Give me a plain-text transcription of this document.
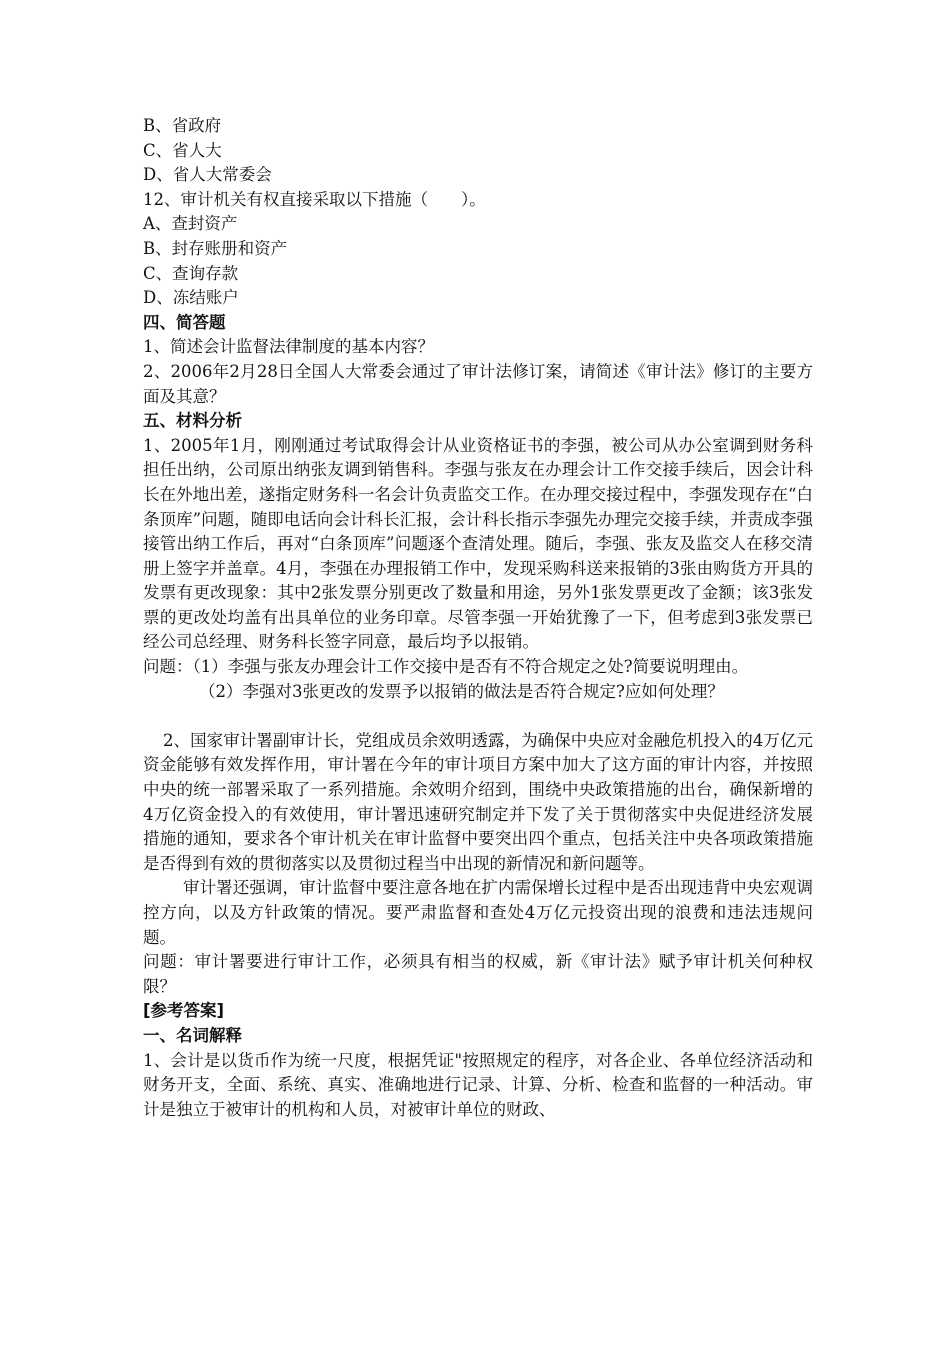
B、省政府

C、省人大

D、省人大常委会

12、审计机关有权直接采取以下措施（　　）。

A、查封资产

B、封存账册和资产

C、查询存款

D、冻结账户

四、简答题

1、简述会计监督法律制度的基本内容？

2、2006年2月28日全国人大常委会通过了审计法修订案，请简述《审计法》修订的主要方面及其意？

五、材料分析

1、2005年1月，刚刚通过考试取得会计从业资格证书的李强，被公司从办公室调到财务科担任出纳，公司原出纳张友调到销售科。李强与张友在办理会计工作交接手续后，因会计科长在外地出差，遂指定财务科一名会计负责监交工作。在办理交接过程中，李强发现存在“白条顶库”问题，随即电话向会计科长汇报，会计科长指示李强先办理完交接手续，并责成李强接管出纳工作后，再对“白条顶库”问题逐个查清处理。随后，李强、张友及监交人在移交清册上签字并盖章。4月，李强在办理报销工作中，发现采购科送来报销的3张由购货方开具的发票有更改现象：其中2张发票分别更改了数量和用途，另外1张发票更改了金额；该3张发票的更改处均盖有出具单位的业务印章。尽管李强一开始犹豫了一下，但考虑到3张发票已经公司总经理、财务科长签字同意，最后均予以报销。

问题：（1）李强与张友办理会计工作交接中是否有不符合规定之处?简要说明理由。

（2）李强对3张更改的发票予以报销的做法是否符合规定?应如何处理？

2、国家审计署副审计长，党组成员余效明透露，为确保中央应对金融危机投入的4万亿元资金能够有效发挥作用，审计署在今年的审计项目方案中加大了这方面的审计内容，并按照中央的统一部署采取了一系列措施。余效明介绍到，围绕中央政策措施的出台，确保新增的4万亿资金投入的有效使用，审计署迅速研究制定并下发了关于贯彻落实中央促进经济发展措施的通知，要求各个审计机关在审计监督中要突出四个重点，包括关注中央各项政策措施是否得到有效的贯彻落实以及贯彻过程当中出现的新情况和新问题等。

审计署还强调，审计监督中要注意各地在扩内需保增长过程中是否出现违背中央宏观调控方向，以及方针政策的情况。要严肃监督和查处4万亿元投资出现的浪费和违法违规问题。

问题：审计署要进行审计工作，必须具有相当的权威，新《审计法》赋予审计机关何种权限？

[参考答案]

一、名词解释

1、会计是以货币作为统一尺度，根据凭证"按照规定的程序，对各企业、各单位经济活动和财务开支，全面、系统、真实、准确地进行记录、计算、分析、检查和监督的一种活动。审计是独立于被审计的机构和人员，对被审计单位的财政、
